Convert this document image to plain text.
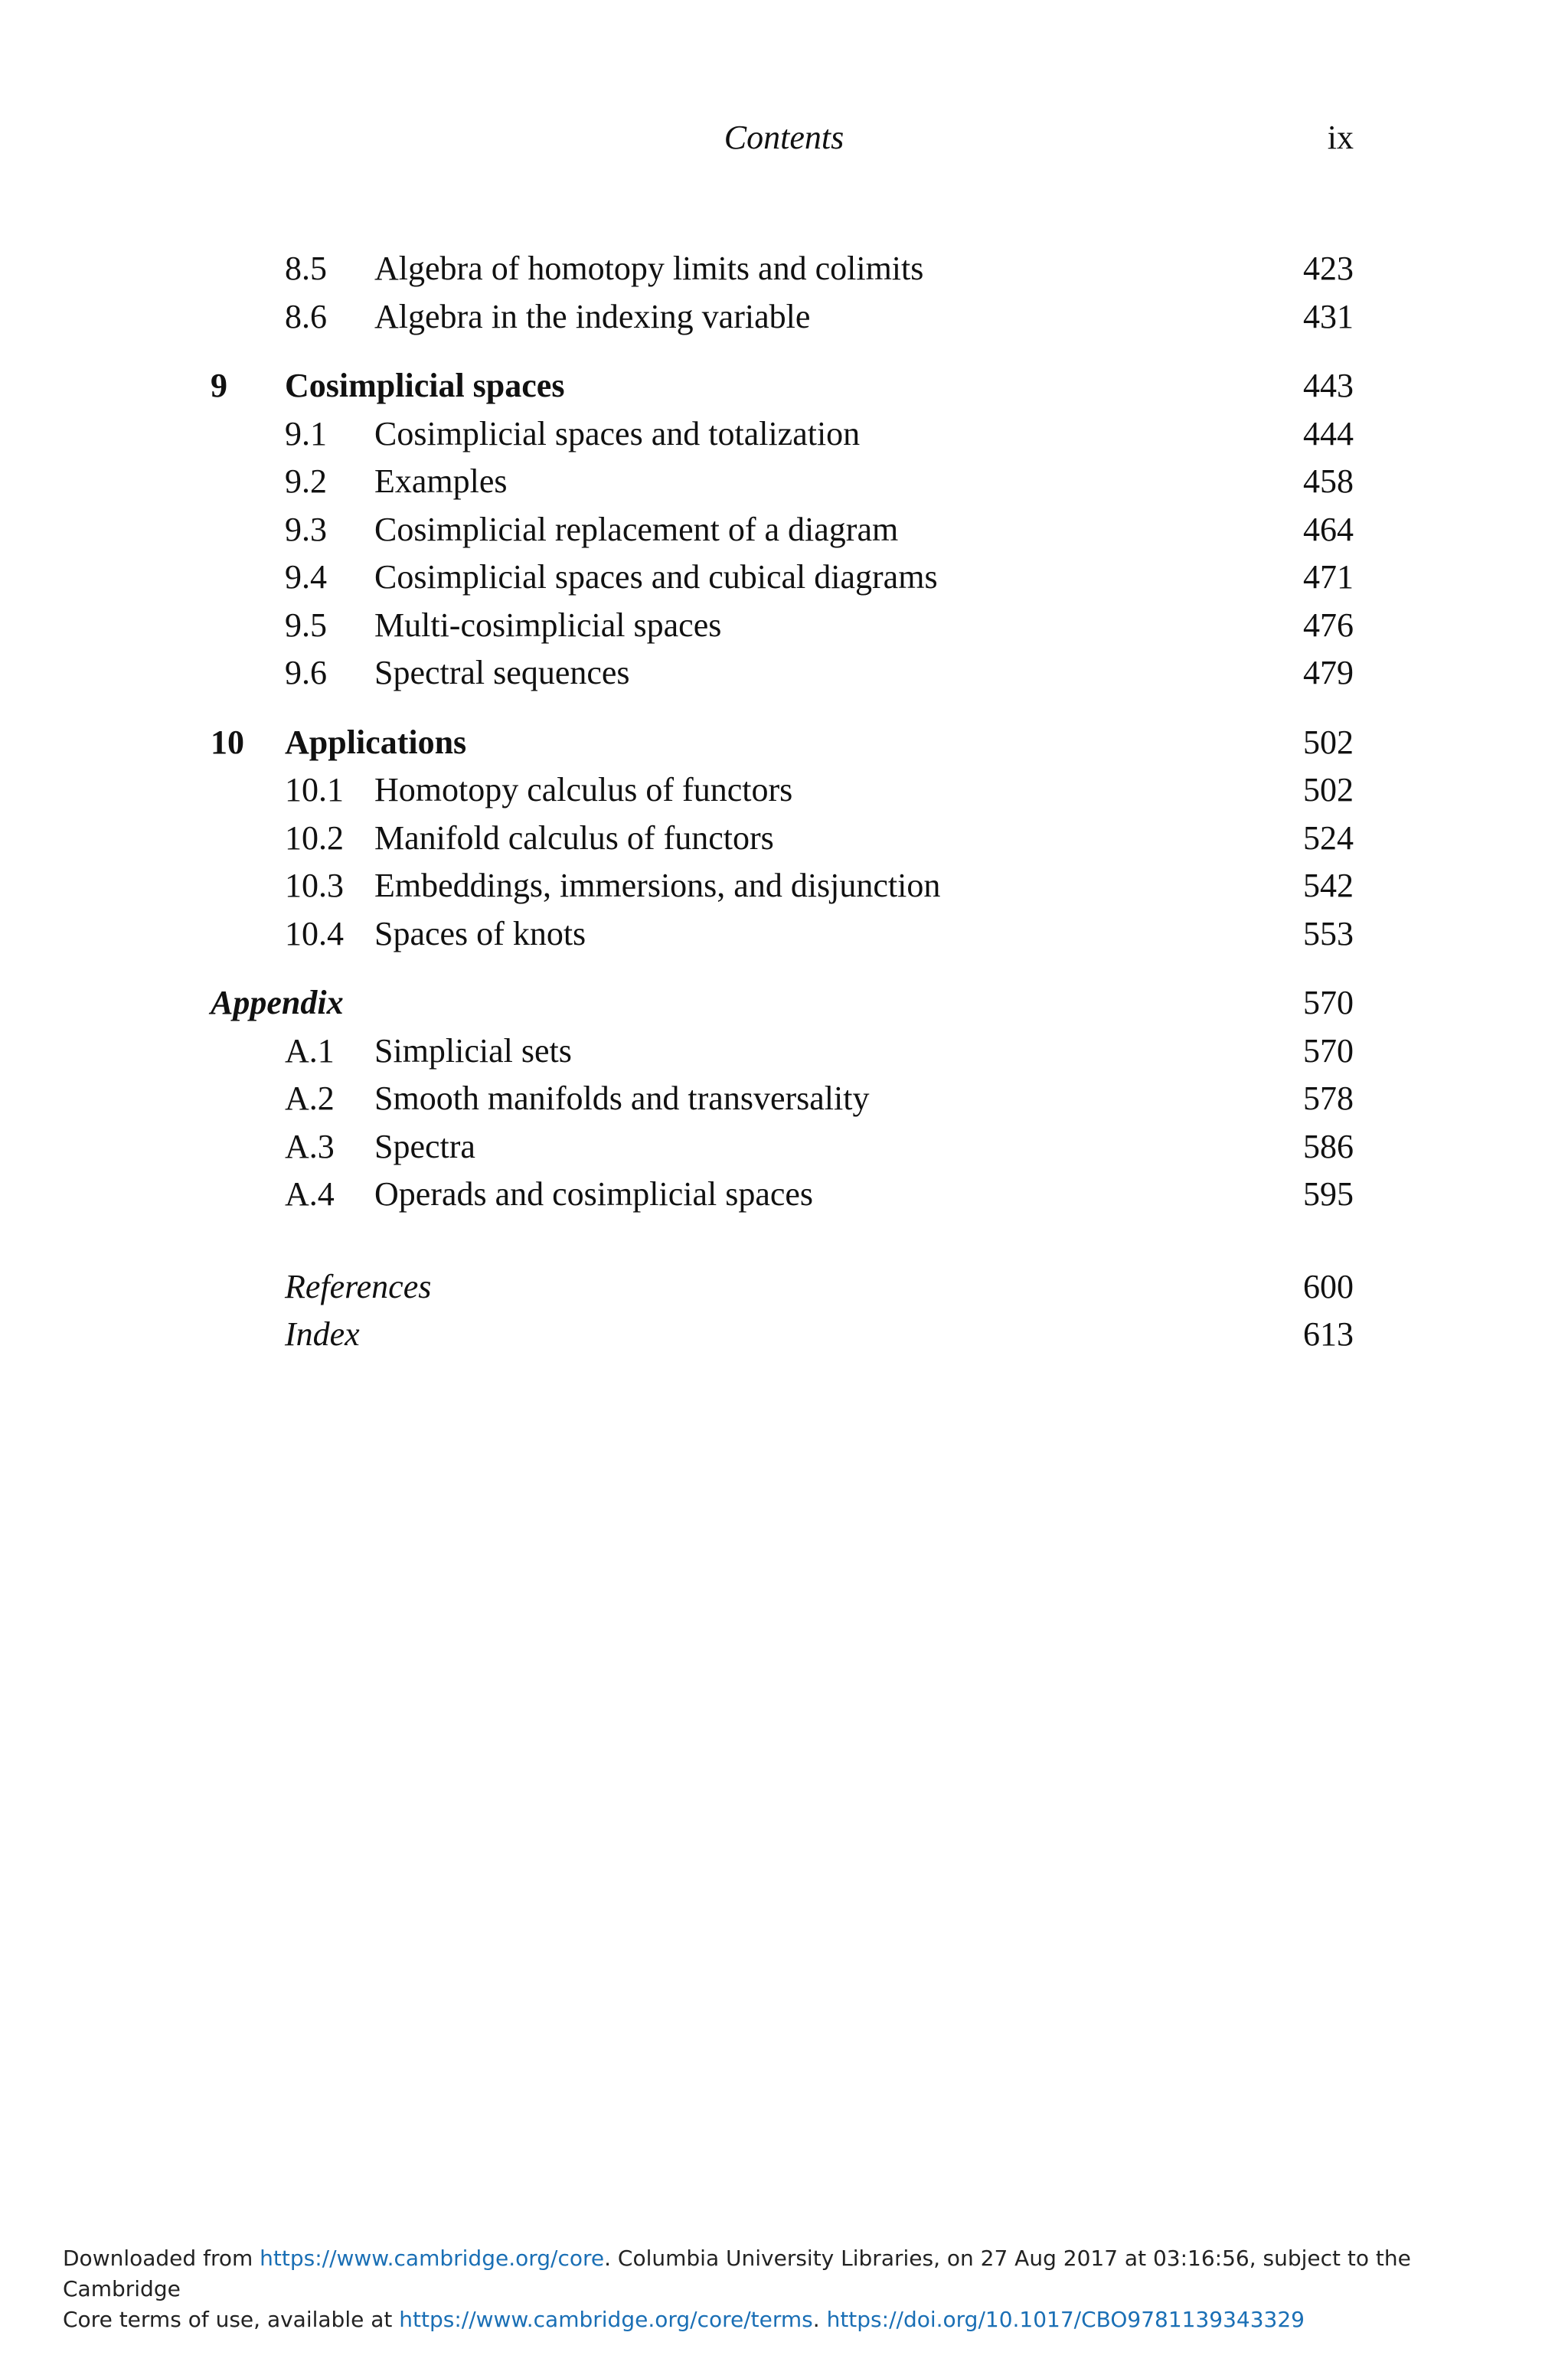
Contents	ix
8.5 Algebra of homotopy limits and colimits	423
8.6 Algebra in the indexing variable	431
9 Cosimplicial spaces	443
9.1 Cosimplicial spaces and totalization	444
9.2 Examples	458
9.3 Cosimplicial replacement of a diagram	464
9.4 Cosimplicial spaces and cubical diagrams	471
9.5 Multi-cosimplicial spaces	476
9.6 Spectral sequences	479
10 Applications	502
10.1 Homotopy calculus of functors	502
10.2 Manifold calculus of functors	524
10.3 Embeddings, immersions, and disjunction	542
10.4 Spaces of knots	553
Appendix	570
A.1 Simplicial sets	570
A.2 Smooth manifolds and transversality	578
A.3 Spectra	586
A.4 Operads and cosimplicial spaces	595
References	600
Index	613
Downloaded from https://www.cambridge.org/core. Columbia University Libraries, on 27 Aug 2017 at 03:16:56, subject to the Cambridge
Core terms of use, available at https://www.cambridge.org/core/terms. https://doi.org/10.1017/CBO9781139343329
